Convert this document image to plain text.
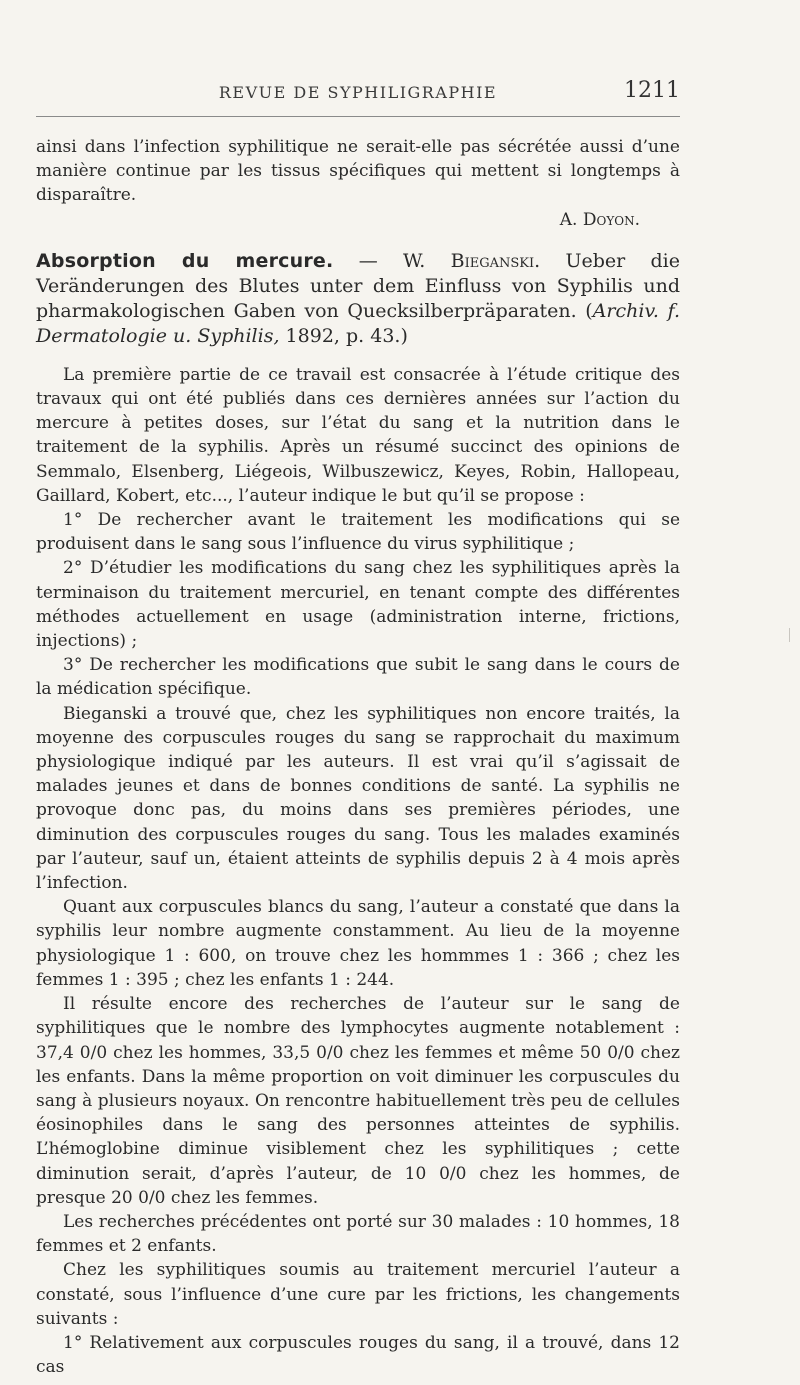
REVUE DE SYPHILIGRAPHIE	1211

ainsi dans l’infection syphilitique ne serait-elle pas sécrétée aussi d’une manière continue par les tissus spécifiques qui mettent si longtemps à disparaître.

A. Doyon.

Absorption du mercure. — W. Bieganski. Ueber die Veränderungen des Blutes unter dem Einfluss von Syphilis und pharmakologischen Gaben von Quecksilberpräparaten. (Archiv. f. Dermatologie u. Syphilis, 1892, p. 43.)

La première partie de ce travail est consacrée à l’étude critique des travaux qui ont été publiés dans ces dernières années sur l’action du mercure à petites doses, sur l’état du sang et la nutrition dans le traitement de la syphilis. Après un résumé succinct des opinions de Semmalo, Elsenberg, Liégeois, Wilbuszewicz, Keyes, Robin, Hallopeau, Gaillard, Kobert, etc..., l’auteur indique le but qu’il se propose :

1° De rechercher avant le traitement les modifications qui se produisent dans le sang sous l’influence du virus syphilitique ;

2° D’étudier les modifications du sang chez les syphilitiques après la terminaison du traitement mercuriel, en tenant compte des différentes méthodes actuellement en usage (administration interne, frictions, injections) ;

3° De rechercher les modifications que subit le sang dans le cours de la médication spécifique.

Bieganski a trouvé que, chez les syphilitiques non encore traités, la moyenne des corpuscules rouges du sang se rapprochait du maximum physiologique indiqué par les auteurs. Il est vrai qu’il s’agissait de malades jeunes et dans de bonnes conditions de santé. La syphilis ne provoque donc pas, du moins dans ses premières périodes, une diminution des corpuscules rouges du sang. Tous les malades examinés par l’auteur, sauf un, étaient atteints de syphilis depuis 2 à 4 mois après l’infection.

Quant aux corpuscules blancs du sang, l’auteur a constaté que dans la syphilis leur nombre augmente constamment. Au lieu de la moyenne physiologique 1 : 600, on trouve chez les hommmes 1 : 366 ; chez les femmes 1 : 395 ; chez les enfants 1 : 244.

Il résulte encore des recherches de l’auteur sur le sang de syphilitiques que le nombre des lymphocytes augmente notablement : 37,4 0/0 chez les hommes, 33,5 0/0 chez les femmes et même 50 0/0 chez les enfants. Dans la même proportion on voit diminuer les corpuscules du sang à plusieurs noyaux. On rencontre habituellement très peu de cellules éosinophiles dans le sang des personnes atteintes de syphilis. L’hémoglobine diminue visiblement chez les syphilitiques ; cette diminution serait, d’après l’auteur, de 10 0/0 chez les hommes, de presque 20 0/0 chez les femmes.

Les recherches précédentes ont porté sur 30 malades : 10 hommes, 18 femmes et 2 enfants.

Chez les syphilitiques soumis au traitement mercuriel l’auteur a constaté, sous l’influence d’une cure par les frictions, les changements suivants :

1° Relativement aux corpuscules rouges du sang, il a trouvé, dans 12 cas
